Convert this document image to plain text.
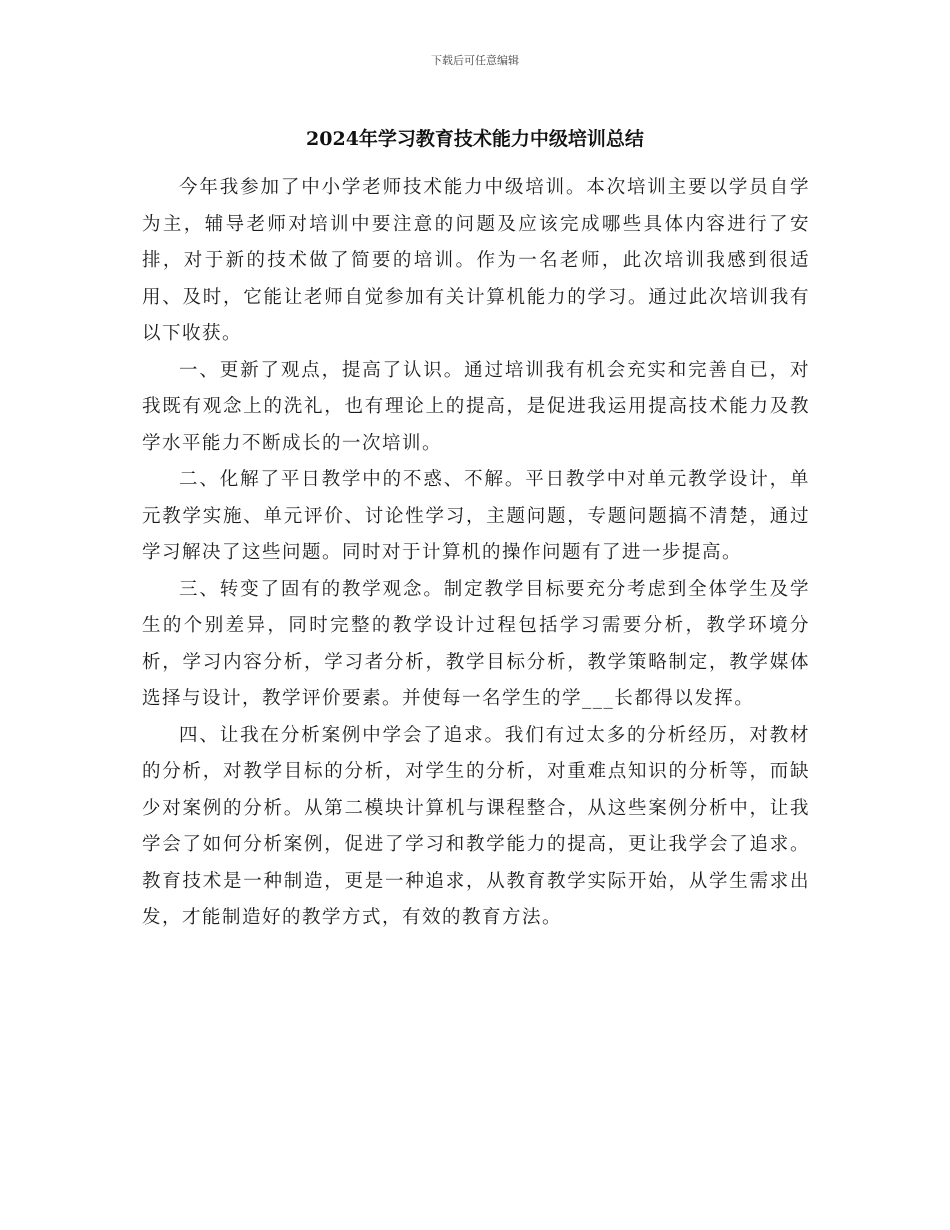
下载后可任意编辑
2024年学习教育技术能力中级培训总结

今年我参加了中小学老师技术能力中级培训。本次培训主要以学员自学为主，辅导老师对培训中要注意的问题及应该完成哪些具体内容进行了安排，对于新的技术做了简要的培训。作为一名老师，此次培训我感到很适用、及时，它能让老师自觉参加有关计算机能力的学习。通过此次培训我有以下收获。

一、更新了观点，提高了认识。通过培训我有机会充实和完善自已，对我既有观念上的洗礼，也有理论上的提高，是促进我运用提高技术能力及教学水平能力不断成长的一次培训。

二、化解了平日教学中的不惑、不解。平日教学中对单元教学设计，单元教学实施、单元评价、讨论性学习，主题问题，专题问题搞不清楚，通过学习解决了这些问题。同时对于计算机的操作问题有了进一步提高。

三、转变了固有的教学观念。制定教学目标要充分考虑到全体学生及学生的个别差异，同时完整的教学设计过程包括学习需要分析，教学环境分析，学习内容分析，学习者分析，教学目标分析，教学策略制定，教学媒体选择与设计，教学评价要素。并使每一名学生的学___长都得以发挥。

四、让我在分析案例中学会了追求。我们有过太多的分析经历，对教材的分析，对教学目标的分析，对学生的分析，对重难点知识的分析等，而缺少对案例的分析。从第二模块计算机与课程整合，从这些案例分析中，让我学会了如何分析案例，促进了学习和教学能力的提高，更让我学会了追求。教育技术是一种制造，更是一种追求，从教育教学实际开始，从学生需求出发，才能制造好的教学方式，有效的教育方法。
